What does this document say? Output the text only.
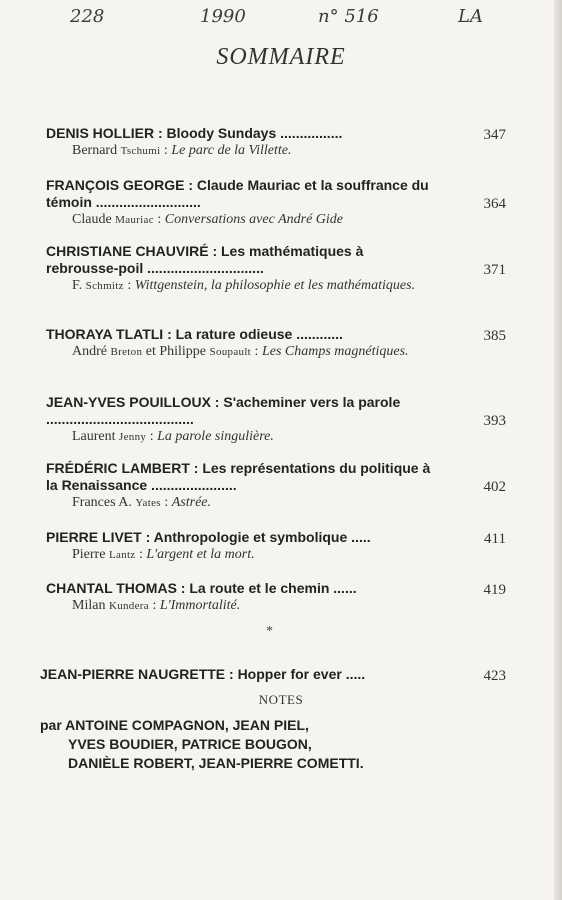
228	1990	n° 516	LA
SOMMAIRE
DENIS HOLLIER : Bloody Sundays ................	347
Bernard Tschumi : Le parc de la Villette.
FRANÇOIS GEORGE : Claude Mauriac et la souffrance du témoin ...........................	364
Claude Mauriac : Conversations avec André Gide
CHRISTIANE CHAUVIRÉ : Les mathématiques à rebrousse-poil ..............................	371
F. Schmitz : Wittgenstein, la philosophie et les mathématiques.
THORAYA TLATLI : La rature odieuse ............	385
André Breton et Philippe Soupault : Les Champs magnétiques.
JEAN-YVES POUILLOUX : S'acheminer vers la parole ......................................	393
Laurent Jenny : La parole singulière.
FRÉDÉRIC LAMBERT : Les représentations du politique à la Renaissance ......................	402
Frances A. Yates : Astrée.
PIERRE LIVET : Anthropologie et symbolique .....	411
Pierre Lantz : L'argent et la mort.
CHANTAL THOMAS : La route et le chemin ......	419
Milan Kundera : L'Immortalité.
*
JEAN-PIERRE NAUGRETTE : Hopper for ever .....	423
NOTES
par ANTOINE COMPAGNON, JEAN PIEL,
YVES BOUDIER, PATRICE BOUGON,
DANIÈLE ROBERT, JEAN-PIERRE COMETTI.
